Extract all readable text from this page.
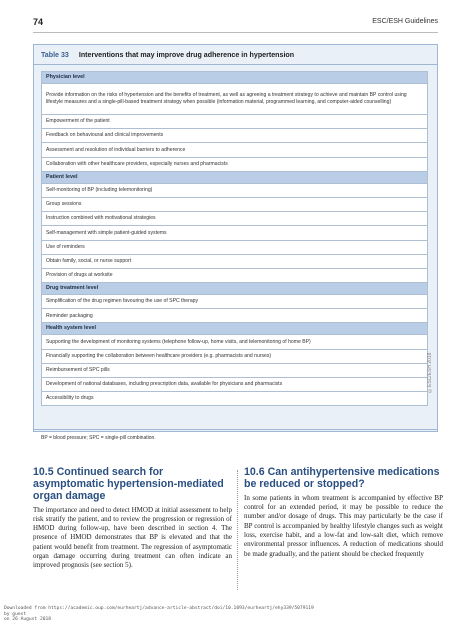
74	ESC/ESH Guidelines
Table 33 Interventions that may improve drug adherence in hypertension
Physician level
Provide information on the risks of hypertension and the benefits of treatment, as well as agreeing a treatment strategy to achieve and maintain BP control using lifestyle measures and a single-pill-based treatment strategy when possible (information material, programmed learning, and computer-aided counselling)
Empowerment of the patient
Feedback on behavioural and clinical improvements
Assessment and resolution of individual barriers to adherence
Collaboration with other healthcare providers, especially nurses and pharmacists
Patient level
Self-monitoring of BP (including telemonitoring)
Group sessions
Instruction combined with motivational strategies
Self-management with simple patient-guided systems
Use of reminders
Obtain family, social, or nurse support
Provision of drugs at worksite
Drug treatment level
Simplification of the drug regimen favouring the use of SPC therapy
Reminder packaging
Health system level
Supporting the development of monitoring systems (telephone follow-up, home visits, and telemonitoring of home BP)
Financially supporting the collaboration between healthcare providers (e.g. pharmacists and nurses)
Reimbursement of SPC pills
Development of national databases, including prescription data, available for physicians and pharmacists
Accessibility to drugs
BP = blood pressure; SPC = single-pill combination.
©ESC/ESH 2018
10.5 Continued search for asymptomatic hypertension-mediated organ damage

The importance and need to detect HMOD at initial assessment to help risk stratify the patient, and to review the progression or regression of HMOD during follow-up, have been described in section 4. The presence of HMOD demonstrates that BP is elevated and that the patient would benefit from treatment. The regression of asymptomatic organ damage occurring during treatment can often indicate an improved prognosis (see section 5).

10.6 Can antihypertensive medications be reduced or stopped?

In some patients in whom treatment is accompanied by effective BP control for an extended period, it may be possible to reduce the number and/or dosage of drugs. This may particularly be the case if BP control is accompanied by healthy lifestyle changes such as weight loss, exercise habit, and a low-fat and low-salt diet, which remove environmental pressor influences. A reduction of medications should be made gradually, and the patient should be checked frequently

Downloaded from https://academic.oup.com/eurheartj/advance-article-abstract/doi/10.1093/eurheartj/ehy339/5079119
by guest
on 26 August 2018
